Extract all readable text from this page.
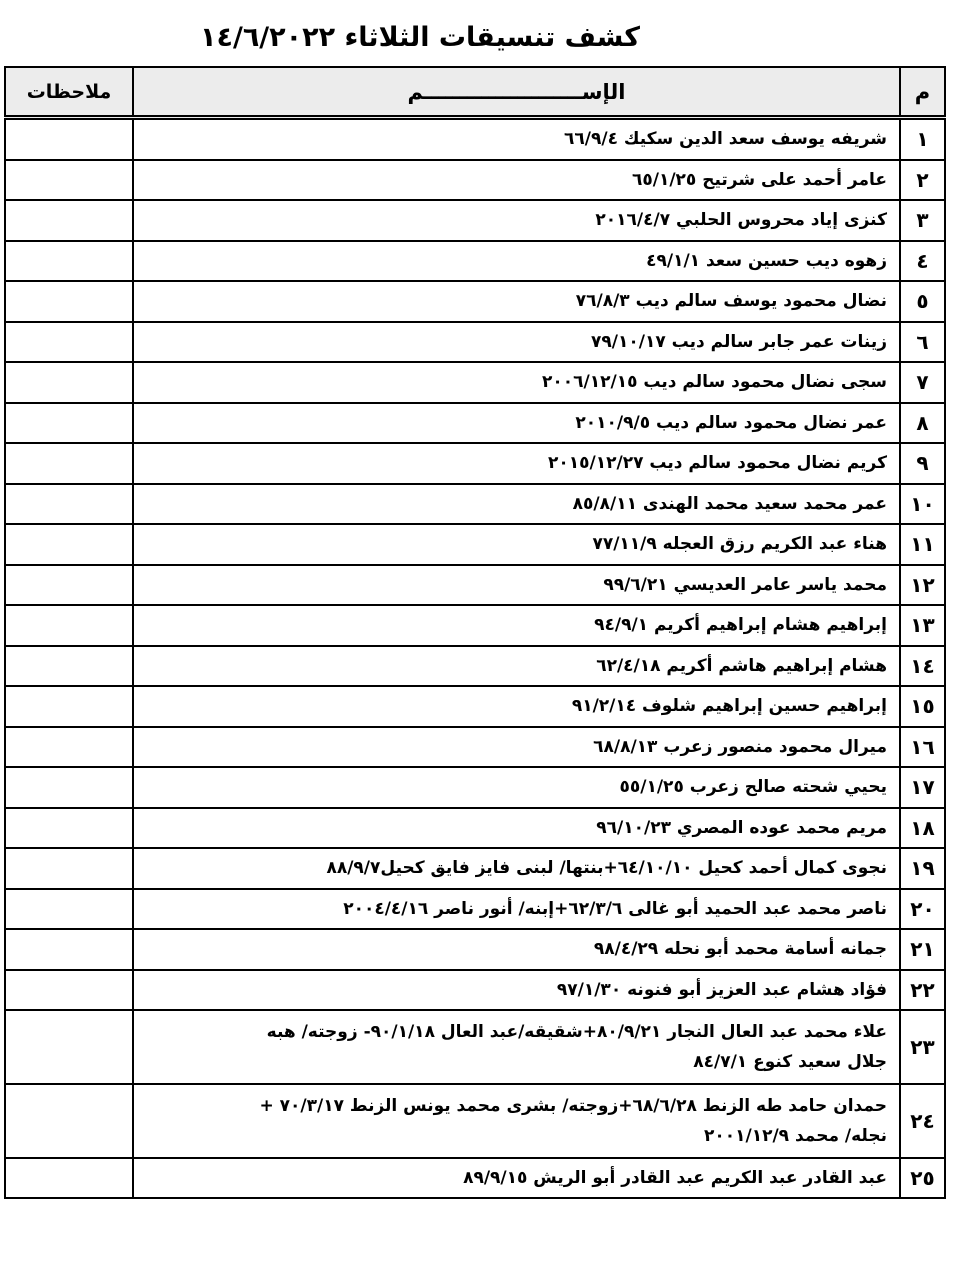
كشف تنسيقات الثلاثاء ١٤/٦/٢٠٢٢
م	الإســــــــــــــــــــــم	ملاحظات

١	شريفه يوسف سعد الدين سكيك ٦٦/٩/٤	
٢	عامر أحمد على شرتيح ٦٥/١/٢٥	
٣	كنزى إياد محروس الحلبي ٢٠١٦/٤/٧	
٤	زهوه ديب حسين سعد ٤٩/١/١	
٥	نضال محمود يوسف سالم ديب ٧٦/٨/٣	
٦	زينات عمر جابر سالم ديب ٧٩/١٠/١٧	
٧	سجى نضال محمود سالم ديب ٢٠٠٦/١٢/١٥	
٨	عمر نضال محمود سالم ديب ٢٠١٠/٩/٥	
٩	كريم نضال محمود سالم ديب ٢٠١٥/١٢/٢٧	
١٠	عمر محمد سعيد محمد الهندى ٨٥/٨/١١	
١١	هناء عبد الكريم رزق العجله ٧٧/١١/٩	
١٢	محمد ياسر عامر العديسي ٩٩/٦/٢١	
١٣	إبراهيم هشام إبراهيم أكريم ٩٤/٩/١	
١٤	هشام إبراهيم هاشم أكريم ٦٢/٤/١٨	
١٥	إبراهيم حسين إبراهيم شلوف ٩١/٢/١٤	
١٦	ميرال محمود منصور زعرب ٦٨/٨/١٣	
١٧	يحيي شحته صالح زعرب ٥٥/١/٢٥	
١٨	مريم محمد عوده المصري ٩٦/١٠/٢٣	
١٩	نجوى كمال أحمد كحيل ٦٤/١٠/١٠+بنتها/ لبنى فايز فايق كحيل٨٨/٩/٧	
٢٠	ناصر محمد عبد الحميد أبو غالى ٦٢/٣/٦+إبنه/ أنور ناصر ٢٠٠٤/٤/١٦	
٢١	جمانه أسامة محمد أبو نحله ٩٨/٤/٢٩	
٢٢	فؤاد هشام عبد العزيز أبو فنونه ٩٧/١/٣٠	
٢٣	علاء محمد عبد العال النجار ٨٠/٩/٢١+شقيقه/عبد العال ٩٠/١/١٨- زوجته/ هبه
جلال سعيد كنوع ٨٤/٧/١	
٢٤	حمدان حامد طه الزنط ٦٨/٦/٢٨+زوجته/ بشرى محمد يونس الزنط ٧٠/٣/١٧ +
نجله/ محمد ٢٠٠١/١٢/٩	
٢٥	عبد القادر عبد الكريم عبد القادر أبو الريش ٨٩/٩/١٥	
